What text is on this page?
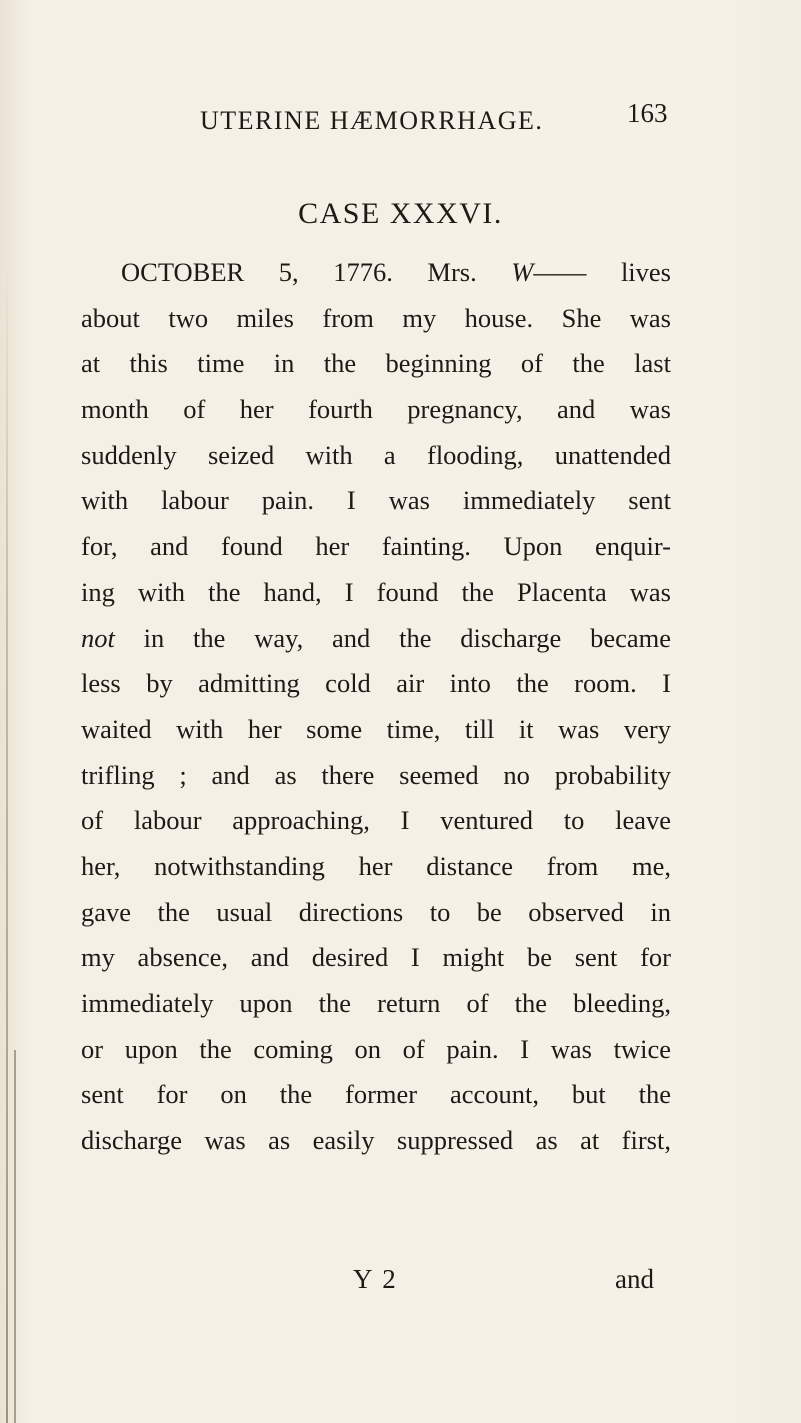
UTERINE HÆMORRHAGE.	163
CASE XXXVI.
OCTOBER 5, 1776. Mrs. W—— lives
about two miles from my house. She was
at this time in the beginning of the last
month of her fourth pregnancy, and was
suddenly seized with a flooding, unattended
with labour pain. I was immediately sent
for, and found her fainting. Upon enquir-
ing with the hand, I found the Placenta was
not in the way, and the discharge became
less by admitting cold air into the room. I
waited with her some time, till it was very
trifling ; and as there seemed no probability
of labour approaching, I ventured to leave
her, notwithstanding her distance from me,
gave the usual directions to be observed in
my absence, and desired I might be sent for
immediately upon the return of the bleeding,
or upon the coming on of pain. I was twice
sent for on the former account, but the
discharge was as easily suppressed as at first,
Y 2	and
